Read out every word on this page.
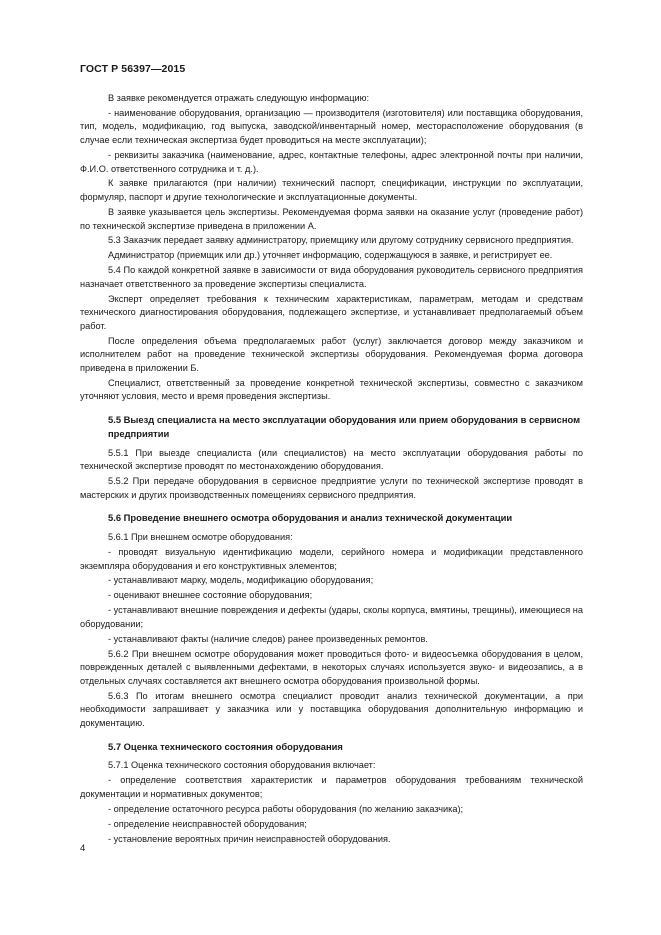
ГОСТ Р 56397—2015

В заявке рекомендуется отражать следующую информацию:

- наименование оборудования, организацию — производителя (изготовителя) или поставщика оборудования, тип, модель, модификацию, год выпуска, заводской/инвентарный номер, месторасположение оборудования (в случае если техническая экспертиза будет проводиться на месте эксплуатации);

- реквизиты заказчика (наименование, адрес, контактные телефоны, адрес электронной почты при наличии, Ф.И.О. ответственного сотрудника и т. д.).

К заявке прилагаются (при наличии) технический паспорт, спецификации, инструкции по эксплуатации, формуляр, паспорт и другие технологические и эксплуатационные документы.

В заявке указывается цель экспертизы. Рекомендуемая форма заявки на оказание услуг (проведение работ) по технической экспертизе приведена в приложении А.

5.3 Заказчик передает заявку администратору, приемщику или другому сотруднику сервисного предприятия.

Администратор (приемщик или др.) уточняет информацию, содержащуюся в заявке, и регистрирует ее.

5.4 По каждой конкретной заявке в зависимости от вида оборудования руководитель сервисного предприятия назначает ответственного за проведение экспертизы специалиста.

Эксперт определяет требования к техническим характеристикам, параметрам, методам и средствам технического диагностирования оборудования, подлежащего экспертизе, и устанавливает предполагаемый объем работ.

После определения объема предполагаемых работ (услуг) заключается договор между заказчиком и исполнителем работ на проведение технической экспертизы оборудования. Рекомендуемая форма договора приведена в приложении Б.

Специалист, ответственный за проведение конкретной технической экспертизы, совместно с заказчиком уточняют условия, место и время проведения экспертизы.

5.5 Выезд специалиста на место эксплуатации оборудования или прием оборудования в сервисном предприятии

5.5.1 При выезде специалиста (или специалистов) на место эксплуатации оборудования работы по технической экспертизе проводят по местонахождению оборудования.

5.5.2 При передаче оборудования в сервисное предприятие услуги по технической экспертизе проводят в мастерских и других производственных помещениях сервисного предприятия.

5.6 Проведение внешнего осмотра оборудования и анализ технической документации

5.6.1 При внешнем осмотре оборудования:

- проводят визуальную идентификацию модели, серийного номера и модификации представленного экземпляра оборудования и его конструктивных элементов;

- устанавливают марку, модель, модификацию оборудования;

- оценивают внешнее состояние оборудования;

- устанавливают внешние повреждения и дефекты (удары, сколы корпуса, вмятины, трещины), имеющиеся на оборудовании;

- устанавливают факты (наличие следов) ранее произведенных ремонтов.

5.6.2 При внешнем осмотре оборудования может проводиться фото- и видеосъемка оборудования в целом, поврежденных деталей с выявленными дефектами, в некоторых случаях используется звуко- и видеозапись, а в отдельных случаях составляется акт внешнего осмотра оборудования произвольной формы.

5.6.3 По итогам внешнего осмотра специалист проводит анализ технической документации, а при необходимости запрашивает у заказчика или у поставщика оборудования дополнительную информацию и документацию.

5.7 Оценка технического состояния оборудования

5.7.1 Оценка технического состояния оборудования включает:

- определение соответствия характеристик и параметров оборудования требованиям технической документации и нормативных документов;

- определение остаточного ресурса работы оборудования (по желанию заказчика);

- определение неисправностей оборудования;

- установление вероятных причин неисправностей оборудования.

4
